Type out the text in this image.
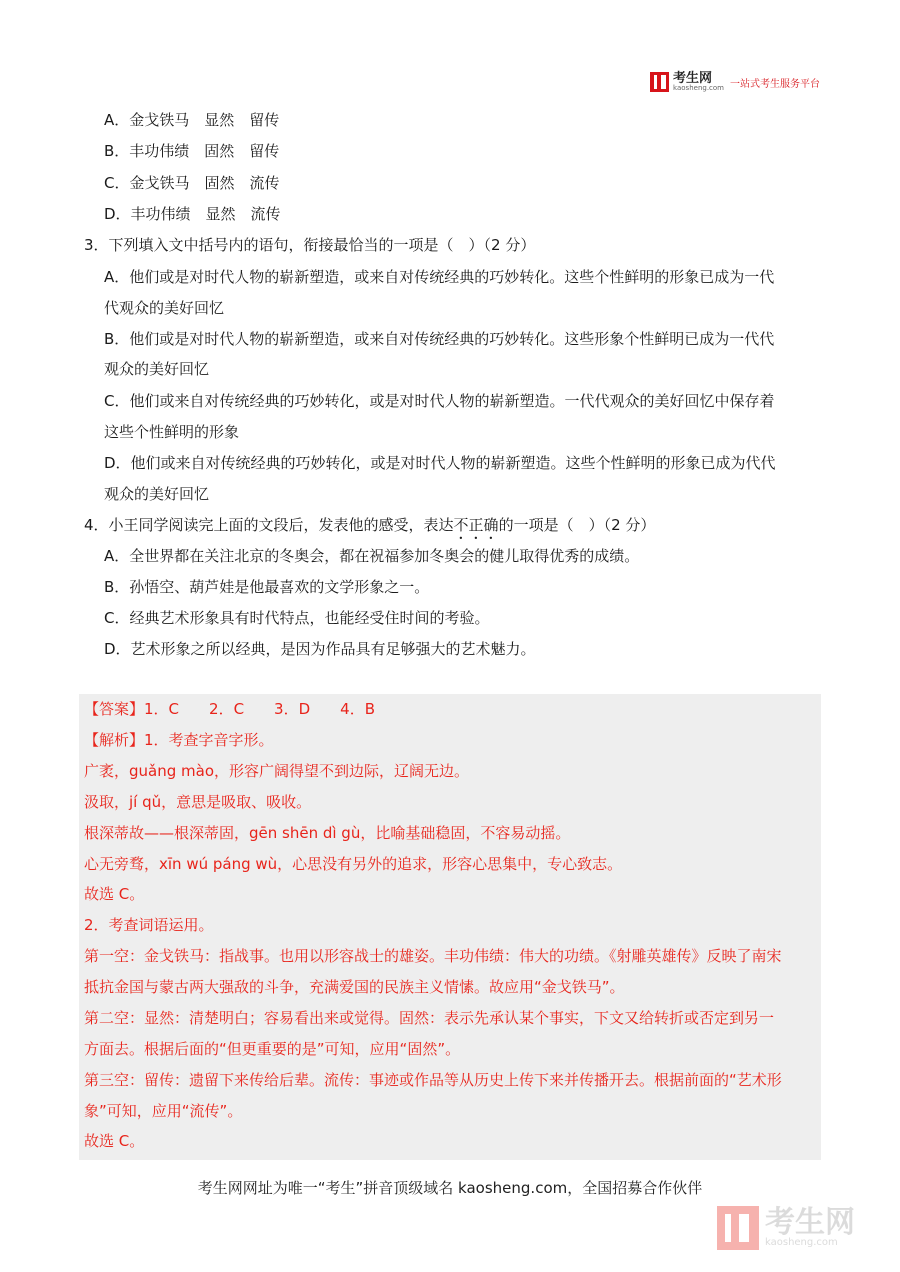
考生网
kaosheng.com 一站式考生服务平台
A．金戈铁马　显然　留传
B．丰功伟绩　固然　留传
C．金戈铁马　固然　流传
D．丰功伟绩　显然　流传
3．下列填入文中括号内的语句，衔接最恰当的一项是（　）（2 分）
A．他们或是对时代人物的崭新塑造，或来自对传统经典的巧妙转化。这些个性鲜明的形象已成为一代
代观众的美好回忆
B．他们或是对时代人物的崭新塑造，或来自对传统经典的巧妙转化。这些形象个性鲜明已成为一代代
观众的美好回忆
C．他们或来自对传统经典的巧妙转化，或是对时代人物的崭新塑造。一代代观众的美好回忆中保存着
这些个性鲜明的形象
D．他们或来自对传统经典的巧妙转化，或是对时代人物的崭新塑造。这些个性鲜明的形象已成为代代
观众的美好回忆
4．小王同学阅读完上面的文段后，发表他的感受，表达不正确的一项是（　）（2 分）
A．全世界都在关注北京的冬奥会，都在祝福参加冬奥会的健儿取得优秀的成绩。
B．孙悟空、葫芦娃是他最喜欢的文学形象之一。
C．经典艺术形象具有时代特点，也能经受住时间的考验。
D．艺术形象之所以经典，是因为作品具有足够强大的艺术魅力。
【答案】1．C　　2．C　　3．D　　4．B
【解析】1．考查字音字形。
广袤，guǎng mào，形容广阔得望不到边际，辽阔无边。
汲取，jí qǔ，意思是吸取、吸收。
根深蒂故——根深蒂固，gēn shēn dì gù，比喻基础稳固，不容易动摇。
心无旁骛，xīn wú páng wù，心思没有另外的追求，形容心思集中，专心致志。
故选 C。
2．考查词语运用。
第一空：金戈铁马：指战事。也用以形容战士的雄姿。丰功伟绩：伟大的功绩。《射雕英雄传》反映了南宋
抵抗金国与蒙古两大强敌的斗争，充满爱国的民族主义情愫。故应用“金戈铁马”。
第二空：显然：清楚明白；容易看出来或觉得。固然：表示先承认某个事实，下文又给转折或否定到另一
方面去。根据后面的“但更重要的是”可知，应用“固然”。
第三空：留传：遗留下来传给后辈。流传：事迹或作品等从历史上传下来并传播开去。根据前面的“艺术形
象”可知，应用“流传”。
故选 C。
考生网网址为唯一“考生”拼音顶级域名 kaosheng.com，全国招募合作伙伴
考生网
kaosheng.com
